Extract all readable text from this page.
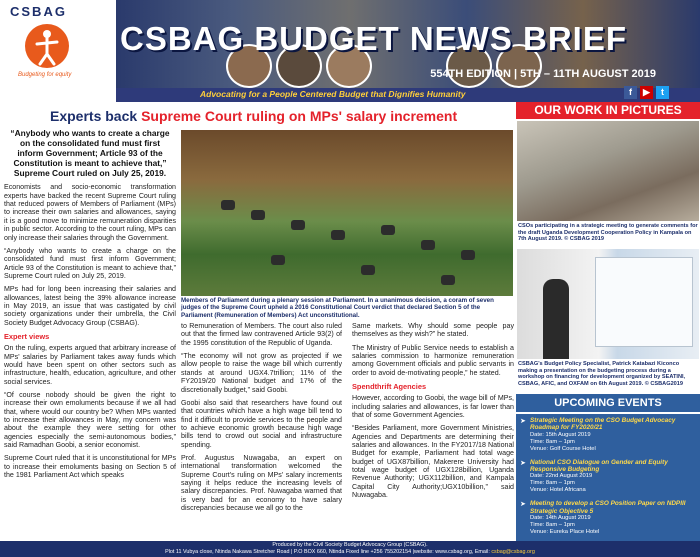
CSBAG
Budgeting for equity
CSBAG BUDGET NEWS BRIEF
554TH EDITION | 5TH – 11TH AUGUST 2019
Advocating for a People Centered Budget that Dignifies Humanity	f	▶	t
Experts back Supreme Court ruling on MPs' salary increment
“Anybody who wants to create a charge on the consolidated fund must first inform Government; Article 93 of the Constitution is meant to achieve that,” Supreme Court ruled on July 25, 2019.

Economists and socio-economic transformation experts have backed the recent Supreme Court ruling that reduced powers of Members of Parliament (MPs) to increase their own salaries and allowances, saying it is a good move to minimize remuneration disparities in public sector. According to the court ruling, MPs can only increase their salaries through the Government.

“Anybody who wants to create a charge on the consolidated fund must first inform Government; Article 93 of the Constitution is meant to achieve that,” Supreme Court ruled on July 25, 2019.

MPs had for long been increasing their salaries and allowances, latest being the 39% allowance increase in May 2019, an issue that was castigated by civil society organizations under their umbrella, the Civil Society Budget Advocacy Group (CSBAG).

Expert views

On the ruling, experts argued that arbitrary increase of MPs' salaries by Parliament takes away funds which would have been spent on other sectors such as infrastructure, health, education, agriculture, and other social services.

“Of course nobody should be given the right to increase their own emoluments because if we all had that, where would our country be? When MPs wanted to increase their allowances in May, my concern was about the example they were setting for other agencies especially the semi-autonomous bodies,” said Ramadhan Goobi, a senior economist.

Supreme Court ruled that it is unconstitutional for MPs to increase their emoluments basing on Section 5 of the 1981 Parliament Act which speaks

Members of Parliament during a plenary session at Parliament. In a unanimous decision, a coram of seven judges of the Supreme Court upheld a 2016 Constitutional Court verdict that declared Section 5 of the Parliament (Remuneration of Members) Act unconstitutional.

to Remuneration of Members. The court also ruled out that the firmed law contravened Article 93(2) of the 1995 constitution of the Republic of Uganda.

“The economy will not grow as projected if we allow people to raise the wage bill which currently stands at around UGX4.7trillion; 11% of the FY2019/20 National budget and 17% of the discretionally budget,” said Goobi.

Goobi also said that researchers have found out that countries which have a high wage bill tend to find it difficult to provide services to the people and to achieve economic growth because high wage bills tend to crowd out social and infrastructure spending.

Prof. Augustus Nuwagaba, an expert on international transformation welcomed the Supreme Court's ruling on MPs' salary increments saying it helps reduce the increasing levels of salary discrepancies. Prof. Nuwagaba warned that is very bad for an economy to have salary discrepancies because we all go to the

Same markets. Why should some people pay themselves as they wish?” he stated.

The Ministry of Public Service needs to establish a salaries commission to harmonize remuneration among Government officials and public servants in order to avoid de-motivating people,” he stated.

Spendthrift Agencies

However, according to Goobi, the wage bill of MPs, including salaries and allowances, is far lower than that of some Government Agencies.

“Besides Parliament, more Government Ministries, Agencies and Departments are determining their salaries and allowances. In the FY2017/18 National Budget for example, Parliament had total wage budget of UGX87billion, Makerere University had total wage budget of UGX128billion, Uganda Revenue Authority; UGX112billion, and Kampala Capital City Authority;UGX10billion,” said Nuwagaba.

OUR WORK IN PICTURES
CSOs participating in a strategic meeting to generate comments for the draft Uganda Development Cooperation Policy in Kampala on 7th August 2019. © CSBAG 2019
CSBAG's Budget Policy Specialist, Patrick Katabazi Kiconco making a presentation on the budgeting process during a workshop on financing for development organized by SEATINI, CSBAG, AFIC, and OXFAM on 6th August 2019. © CSBAG2019
UPCOMING EVENTS
➤ Strategic Meeting on the CSO Budget Advocacy Roadmap for FY2020/21
Date: 15th August 2019
Time: 8am – 1pm
Venue: Golf Course Hotel
➤ National CSO Dialogue on Gender and Equity Responsive Budgeting
Date: 22nd August 2019
Time: 8am – 1pm
Venue: Hotel Africana
➤ Meeting to develop a CSO Position Paper on NDPIII Strategic Objective 5
Date: 14th August 2019
Time: 8am – 1pm
Venue: Eureka Place Hotel
Produced by the Civil Society Budget Advocacy Group (CSBAG).
Plot 11 Vubya close, Ntinda Nakawa Stretcher Road | P.O BOX 660, Ntinda Fixed line +256 755202154 |website: www.csbag.org, Email: csbag@csbag.org
